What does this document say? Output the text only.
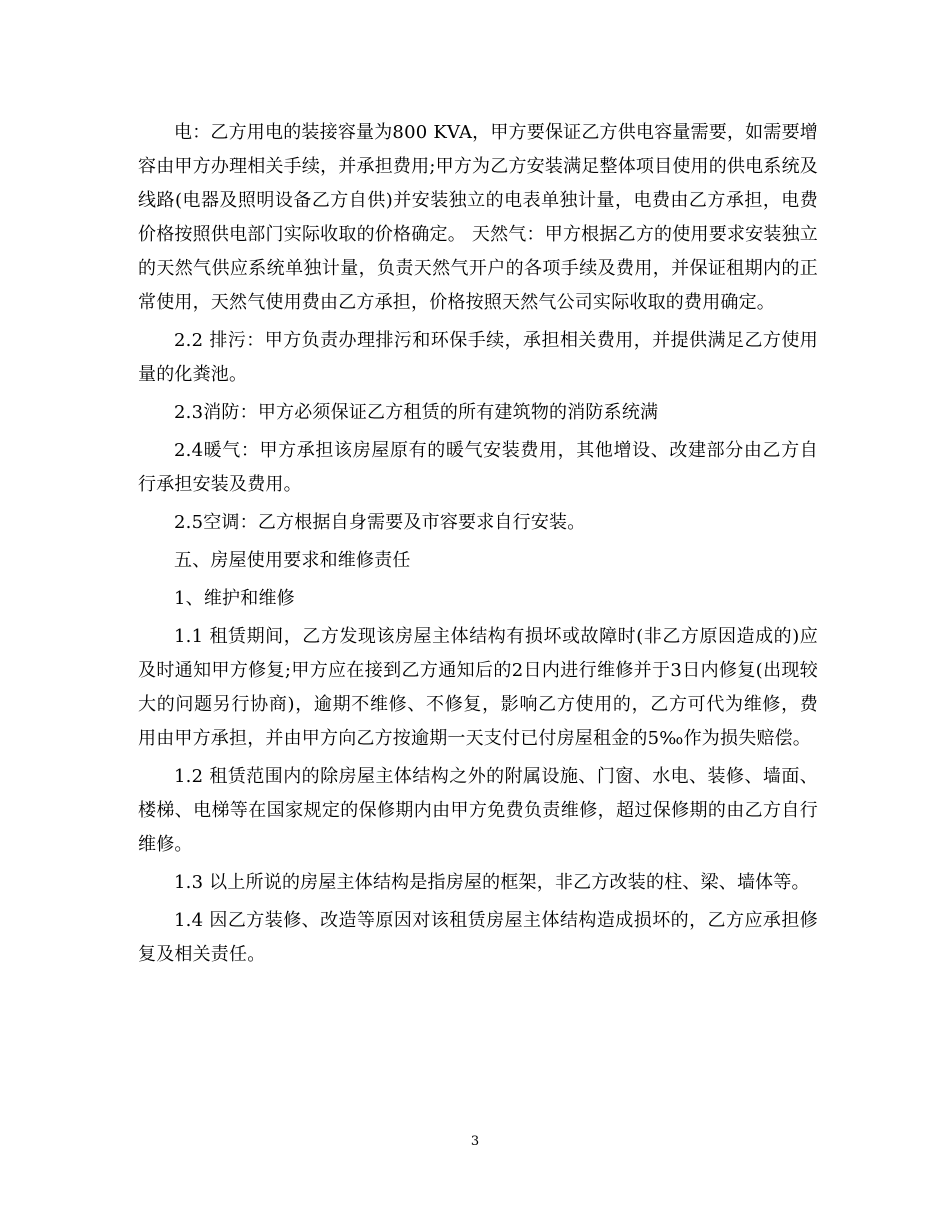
电：乙方用电的装接容量为800 KVA，甲方要保证乙方供电容量需要，如需要增容由甲方办理相关手续，并承担费用;甲方为乙方安装满足整体项目使用的供电系统及线路(电器及照明设备乙方自供)并安装独立的电表单独计量，电费由乙方承担，电费价格按照供电部门实际收取的价格确定。 天然气：甲方根据乙方的使用要求安装独立的天然气供应系统单独计量，负责天然气开户的各项手续及费用，并保证租期内的正常使用，天然气使用费由乙方承担，价格按照天然气公司实际收取的费用确定。

2.2 排污：甲方负责办理排污和环保手续，承担相关费用，并提供满足乙方使用量的化粪池。

2.3消防：甲方必须保证乙方租赁的所有建筑物的消防系统满

2.4暖气：甲方承担该房屋原有的暖气安装费用，其他增设、改建部分由乙方自行承担安装及费用。

2.5空调：乙方根据自身需要及市容要求自行安装。

五、房屋使用要求和维修责任

1、维护和维修

1.1 租赁期间，乙方发现该房屋主体结构有损坏或故障时(非乙方原因造成的)应及时通知甲方修复;甲方应在接到乙方通知后的2日内进行维修并于3日内修复(出现较大的问题另行协商)，逾期不维修、不修复，影响乙方使用的，乙方可代为维修，费用由甲方承担，并由甲方向乙方按逾期一天支付已付房屋租金的5‰作为损失赔偿。

1.2 租赁范围内的除房屋主体结构之外的附属设施、门窗、水电、装修、墙面、楼梯、电梯等在国家规定的保修期内由甲方免费负责维修，超过保修期的由乙方自行维修。

1.3 以上所说的房屋主体结构是指房屋的框架，非乙方改装的柱、梁、墙体等。

1.4 因乙方装修、改造等原因对该租赁房屋主体结构造成损坏的，乙方应承担修复及相关责任。

3
